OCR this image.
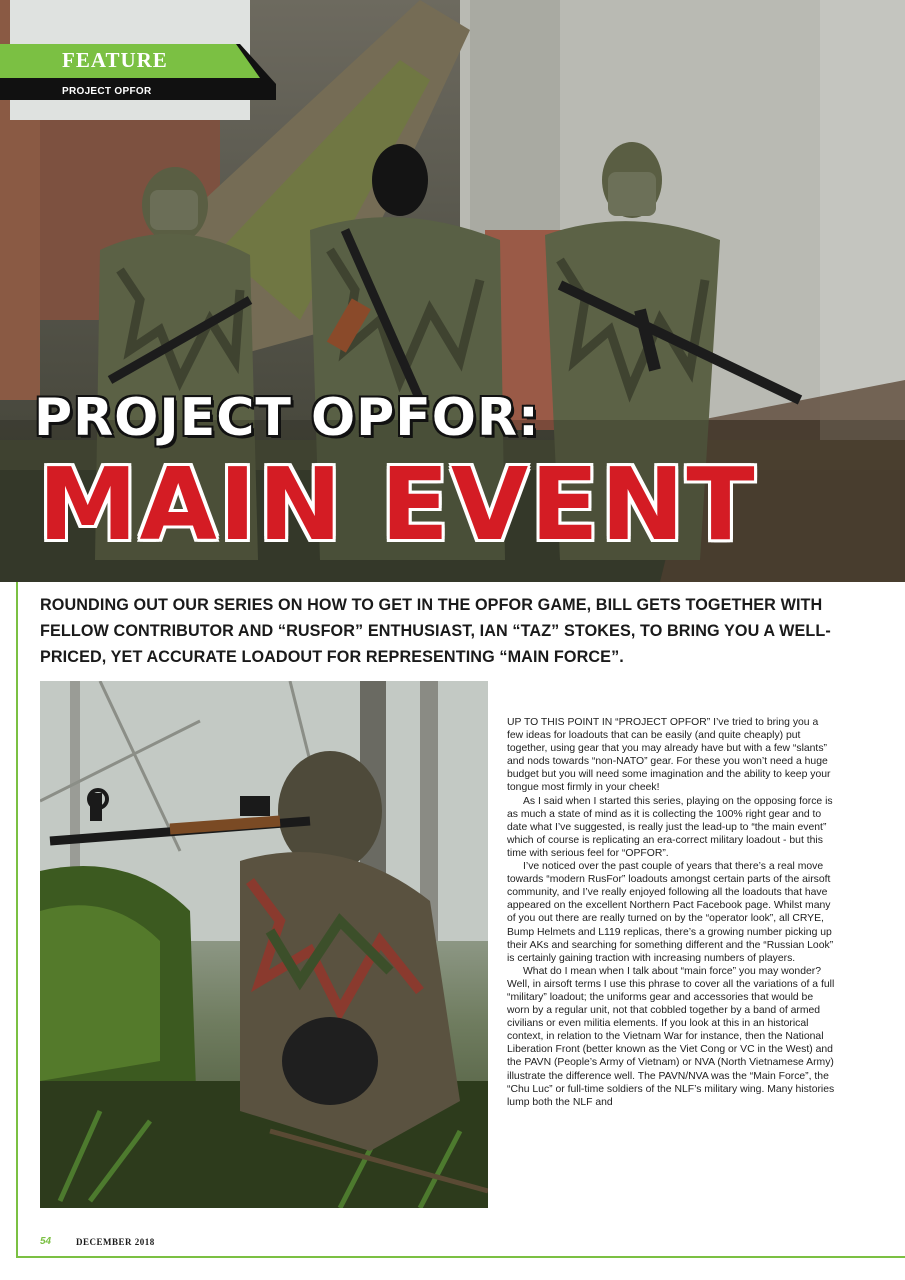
FEATURE
PROJECT OPFOR
PROJECT OPFOR:
MAIN EVENT
ROUNDING OUT OUR SERIES ON HOW TO GET IN THE OPFOR GAME, BILL GETS TOGETHER WITH FELLOW CONTRIBUTOR AND “RUSFOR” ENTHUSIAST, IAN “TAZ” STOKES, TO BRING YOU A WELL-PRICED, YET ACCURATE LOADOUT FOR REPRESENTING “MAIN FORCE”.

UP TO THIS POINT IN “PROJECT OPFOR” I’ve tried to bring you a few ideas for loadouts that can be easily (and quite cheaply) put together, using gear that you may already have but with a few “slants” and nods towards “non-NATO” gear. For these you won’t need a huge budget but you will need some imagination and the ability to keep your tongue most firmly in your cheek!

As I said when I started this series, playing on the opposing force is as much a state of mind as it is collecting the 100% right gear and to date what I’ve suggested, is really just the lead-up to “the main event” which of course is replicating an era-correct military loadout - but this time with serious feel for “OPFOR”.

I’ve noticed over the past couple of years that there’s a real move towards “modern RusFor” loadouts amongst certain parts of the airsoft community, and I’ve really enjoyed following all the loadouts that have appeared on the excellent Northern Pact Facebook page. Whilst many of you out there are really turned on by the “operator look”, all CRYE, Bump Helmets and L119 replicas, there’s a growing number picking up their AKs and searching for something different and the “Russian Look” is certainly gaining traction with increasing numbers of players.

What do I mean when I talk about “main force” you may wonder? Well, in airsoft terms I use this phrase to cover all the variations of a full “military” loadout; the uniforms gear and accessories that would be worn by a regular unit, not that cobbled together by a band of armed civilians or even militia elements. If you look at this in an historical context, in relation to the Vietnam War for instance, then the National Liberation Front (better known as the Viet Cong or VC in the West) and the PAVN (People’s Army of Vietnam) or NVA (North Vietnamese Army) illustrate the difference well. The PAVN/NVA was the “Main Force”, the “Chu Luc” or full-time soldiers of the NLF’s military wing. Many histories lump both the NLF and

54	DECEMBER 2018
